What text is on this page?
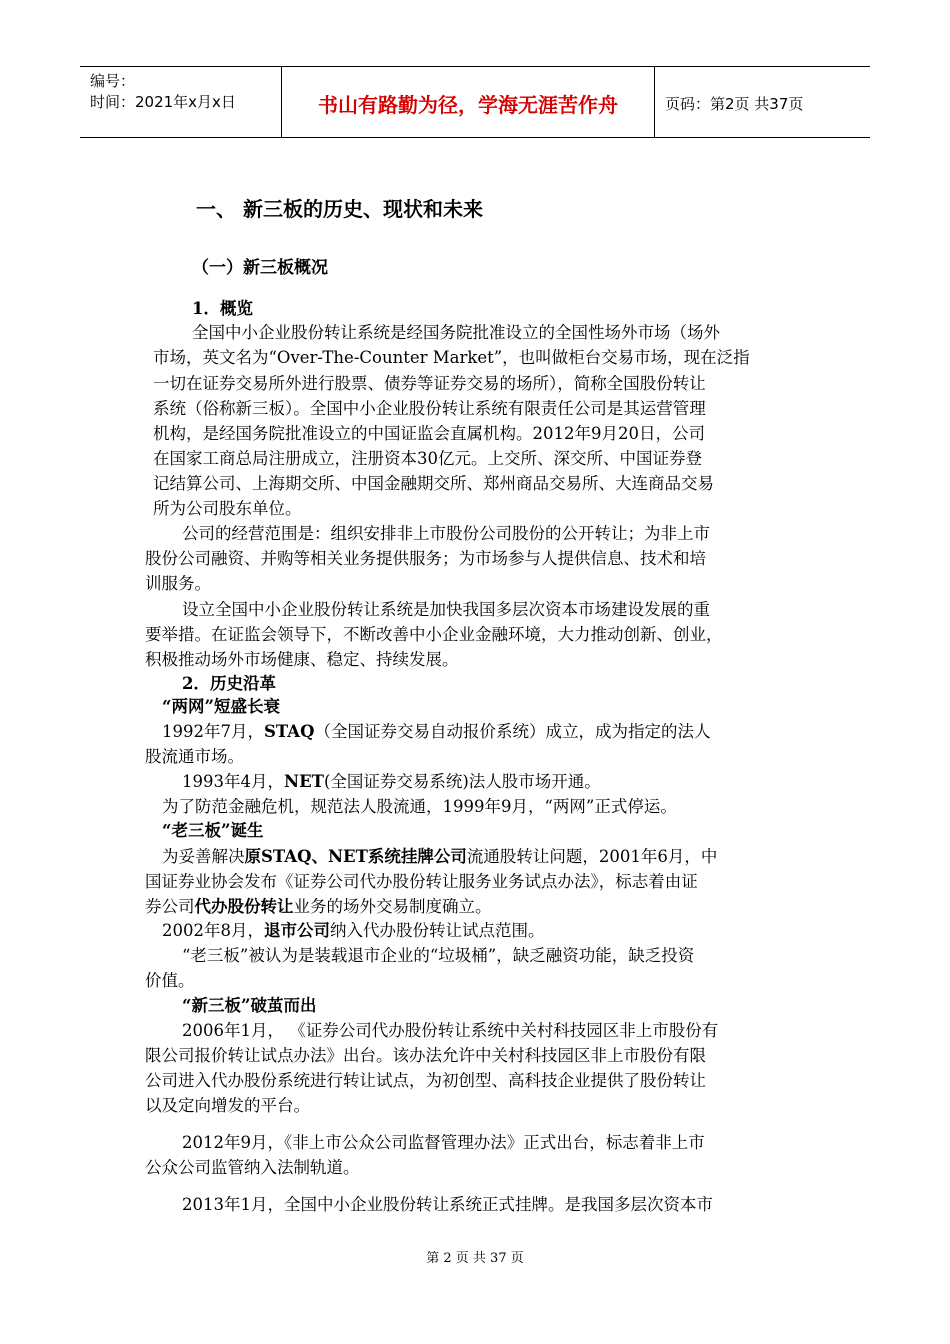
编号：
时间：2021年x月x日	书山有路勤为径，学海无涯苦作舟	页码：第2页 共37页
一、 新三板的历史、现状和未来
（一）新三板概况
1．概览
全国中小企业股份转让系统是经国务院批准设立的全国性场外市场（场外
市场，英文名为“Over-The-Counter Market”，也叫做柜台交易市场，现在泛指
一切在证券交易所外进行股票、债券等证券交易的场所），简称全国股份转让
系统（俗称新三板）。全国中小企业股份转让系统有限责任公司是其运营管理
机构，是经国务院批准设立的中国证监会直属机构。2012年9月20日，公司
在国家工商总局注册成立，注册资本30亿元。上交所、深交所、中国证券登
记结算公司、上海期交所、中国金融期交所、郑州商品交易所、大连商品交易
所为公司股东单位。
公司的经营范围是：组织安排非上市股份公司股份的公开转让；为非上市
股份公司融资、并购等相关业务提供服务；为市场参与人提供信息、技术和培
训服务。
设立全国中小企业股份转让系统是加快我国多层次资本市场建设发展的重
要举措。在证监会领导下，不断改善中小企业金融环境，大力推动创新、创业，
积极推动场外市场健康、稳定、持续发展。
2．历史沿革
“两网”短盛长衰
1992年7月，STAQ（全国证券交易自动报价系统）成立，成为指定的法人
股流通市场。
1993年4月，NET(全国证券交易系统)法人股市场开通。
为了防范金融危机，规范法人股流通，1999年9月，“两网”正式停运。
“老三板”诞生
为妥善解决原STAQ、NET系统挂牌公司流通股转让问题，2001年6月，中
国证券业协会发布《证券公司代办股份转让服务业务试点办法》，标志着由证
券公司代办股份转让业务的场外交易制度确立。
2002年8月，退市公司纳入代办股份转让试点范围。
“老三板”被认为是装载退市企业的“垃圾桶”，缺乏融资功能，缺乏投资
价值。
“新三板”破茧而出
2006年1月， 《证券公司代办股份转让系统中关村科技园区非上市股份有
限公司报价转让试点办法》出台。该办法允许中关村科技园区非上市股份有限
公司进入代办股份系统进行转让试点，为初创型、高科技企业提供了股份转让
以及定向增发的平台。
2012年9月，《非上市公众公司监督管理办法》正式出台，标志着非上市
公众公司监管纳入法制轨道。
2013年1月，全国中小企业股份转让系统正式挂牌。是我国多层次资本市
第 2 页 共 37 页
